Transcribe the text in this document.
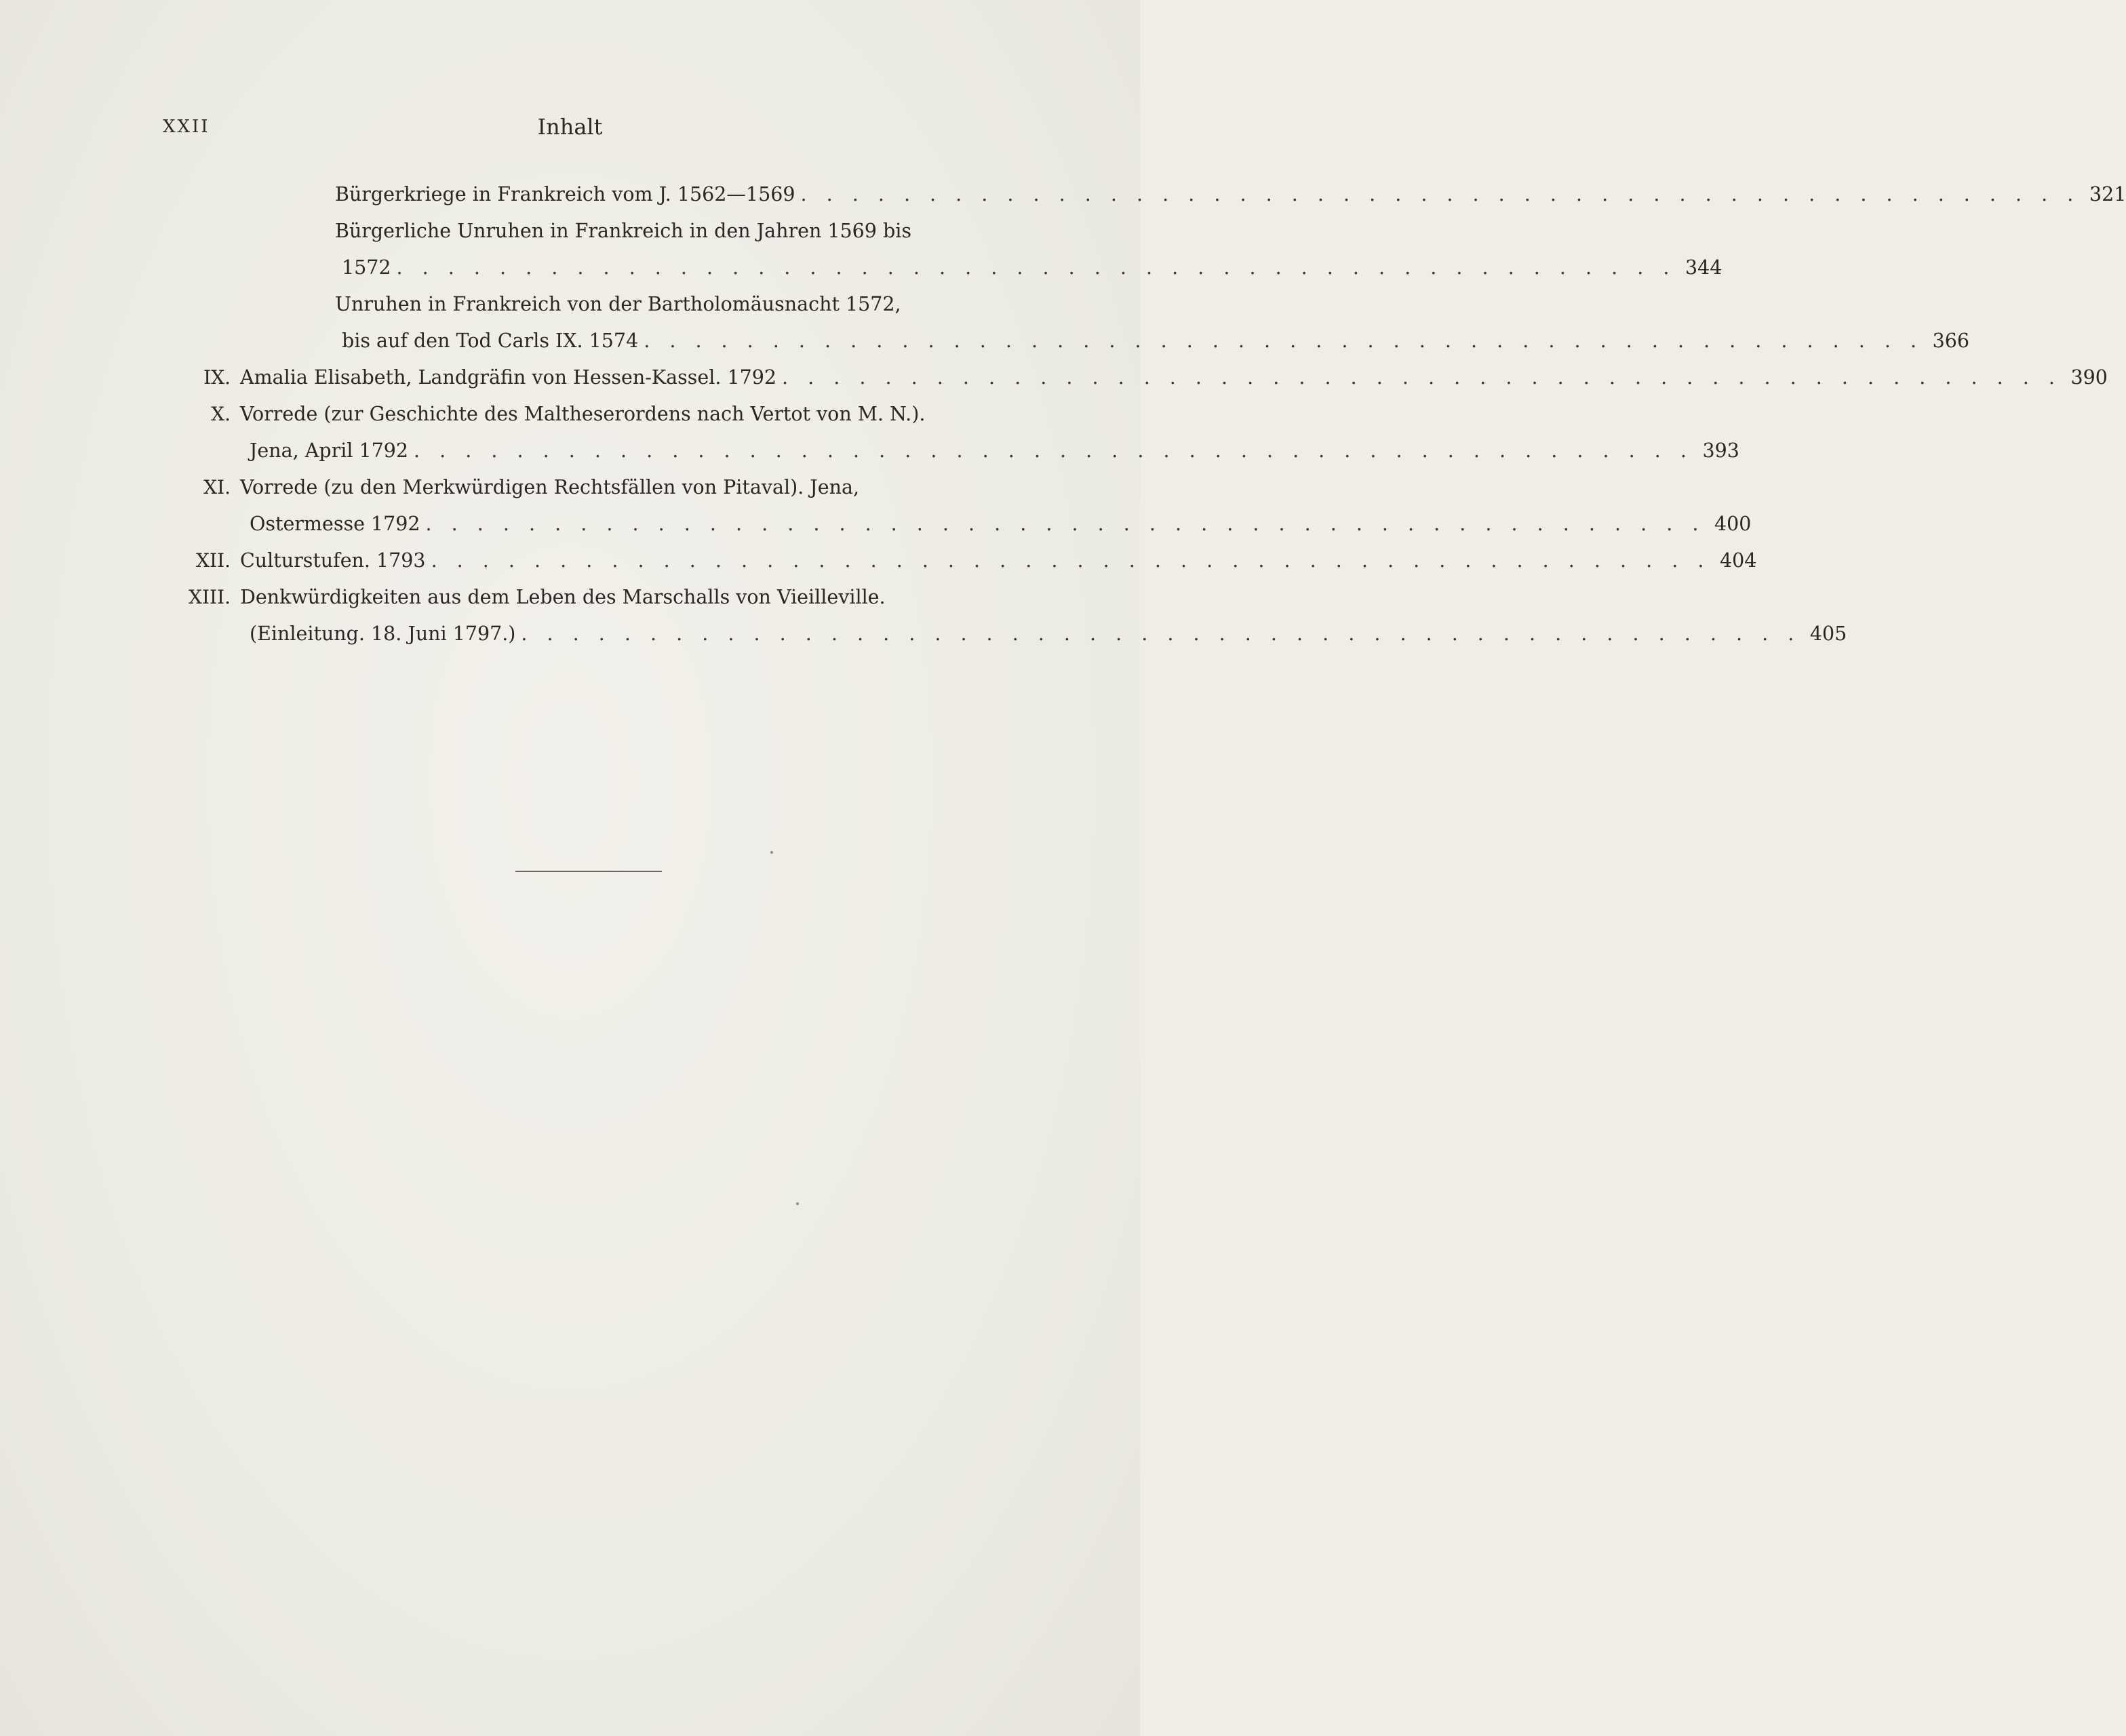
XXII	Inhalt
Bürgerkriege in Frankreich vom J. 1562—1569 . . . . . . . . . . . . . . . . . . . . . . . . . . . . . . . . . . . . . . . . . . . . . . . . . . 321
Bürgerliche Unruhen in Frankreich in den Jahren 1569 bis
1572 . . . . . . . . . . . . . . . . . . . . . . . . . . . . . . . . . . . . . . . . . . . . . . . . . . 344
Unruhen in Frankreich von der Bartholomäusnacht 1572,
bis auf den Tod Carls IX. 1574 . . . . . . . . . . . . . . . . . . . . . . . . . . . . . . . . . . . . . . . . . . . . . . . . . . 366
IX. Amalia Elisabeth, Landgräfin von Hessen-Kassel. 1792 . . . . . . . . . . . . . . . . . . . . . . . . . . . . . . . . . . . . . . . . . . . . . . . . . . 390
X. Vorrede (zur Geschichte des Maltheserordens nach Vertot von M. N.).
Jena, April 1792 . . . . . . . . . . . . . . . . . . . . . . . . . . . . . . . . . . . . . . . . . . . . . . . . . . 393
XI. Vorrede (zu den Merkwürdigen Rechtsfällen von Pitaval). Jena,
Ostermesse 1792 . . . . . . . . . . . . . . . . . . . . . . . . . . . . . . . . . . . . . . . . . . . . . . . . . . 400
XII. Culturstufen. 1793 . . . . . . . . . . . . . . . . . . . . . . . . . . . . . . . . . . . . . . . . . . . . . . . . . . 404
XIII. Denkwürdigkeiten aus dem Leben des Marschalls von Vieilleville.
(Einleitung. 18. Juni 1797.) . . . . . . . . . . . . . . . . . . . . . . . . . . . . . . . . . . . . . . . . . . . . . . . . . . 405
